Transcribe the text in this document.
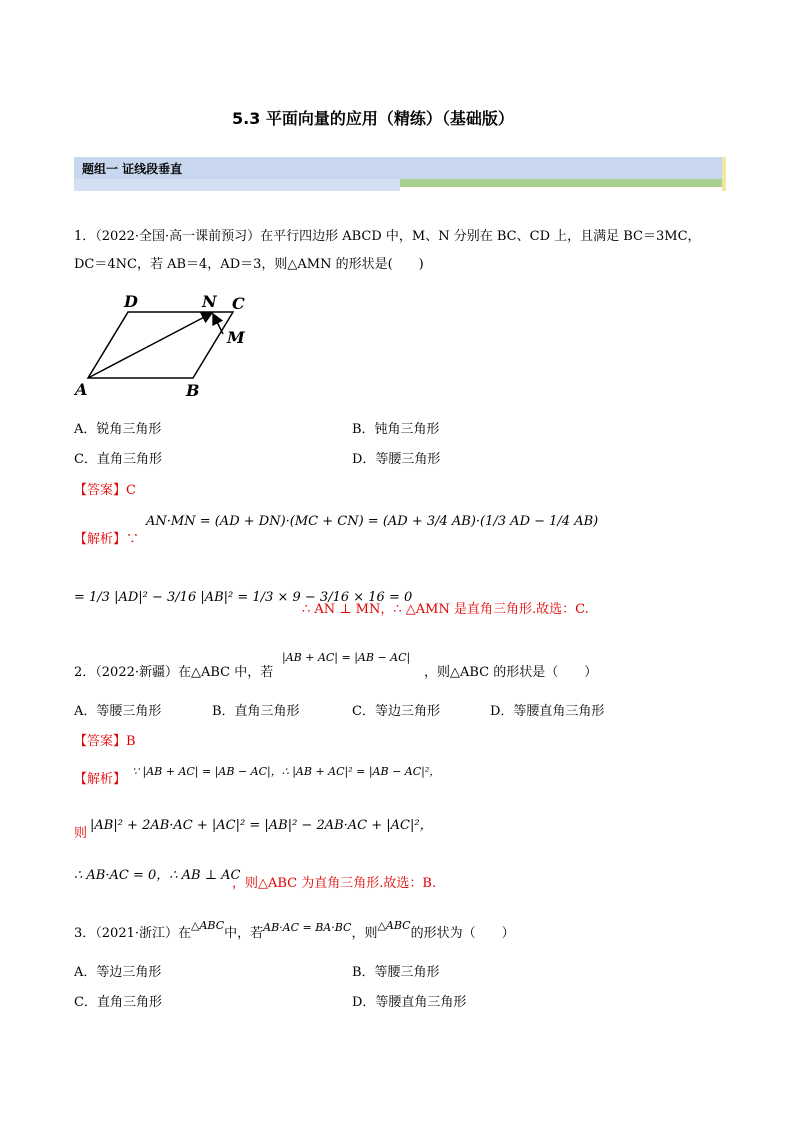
5.3 平面向量的应用（精练）（基础版）
题组一 证线段垂直
1．（2022·全国·高一课前预习）在平行四边形 ABCD 中，M、N 分别在 BC、CD 上，且满足 BC＝3MC，
DC＝4NC，若 AB＝4，AD＝3，则△AMN 的形状是(　　)
D	N C
M
A	B
A．锐角三角形	B．钝角三角形
C．直角三角形	D．等腰三角形
【答案】C
【解析】∵
AN·MN = (AD + DN)·(MC + CN) = (AD + 3/4 AB)·(1/3 AD − 1/4 AB)
= 1/3 |AD|² − 3/16 |AB|² = 1/3 × 9 − 3/16 × 16 = 0
∴ AN ⊥ MN，∴ △AMN 是直角三角形.故选：C.
2．（2022·新疆）在△ABC 中，若
|AB + AC| = |AB − AC|
，则△ABC 的形状是（　　）
A．等腰三角形	B．直角三角形	C．等边三角形	D．等腰直角三角形
【答案】B
【解析】
∵ |AB + AC| = |AB − AC|，∴ |AB + AC|² = |AB − AC|²，
则
|AB|² + 2AB·AC + |AC|² = |AB|² − 2AB·AC + |AC|²，
∴ AB·AC = 0，∴ AB ⊥ AC
，则△ABC 为直角三角形.故选：B.
3．（2021·浙江）在$^{\triangle ABC}$中，若$^{AB\cdot AC = BA\cdot BC}$，则$^{\triangle ABC}$的形状为（　　）
A．等边三角形	B．等腰三角形
C．直角三角形	D．等腰直角三角形
